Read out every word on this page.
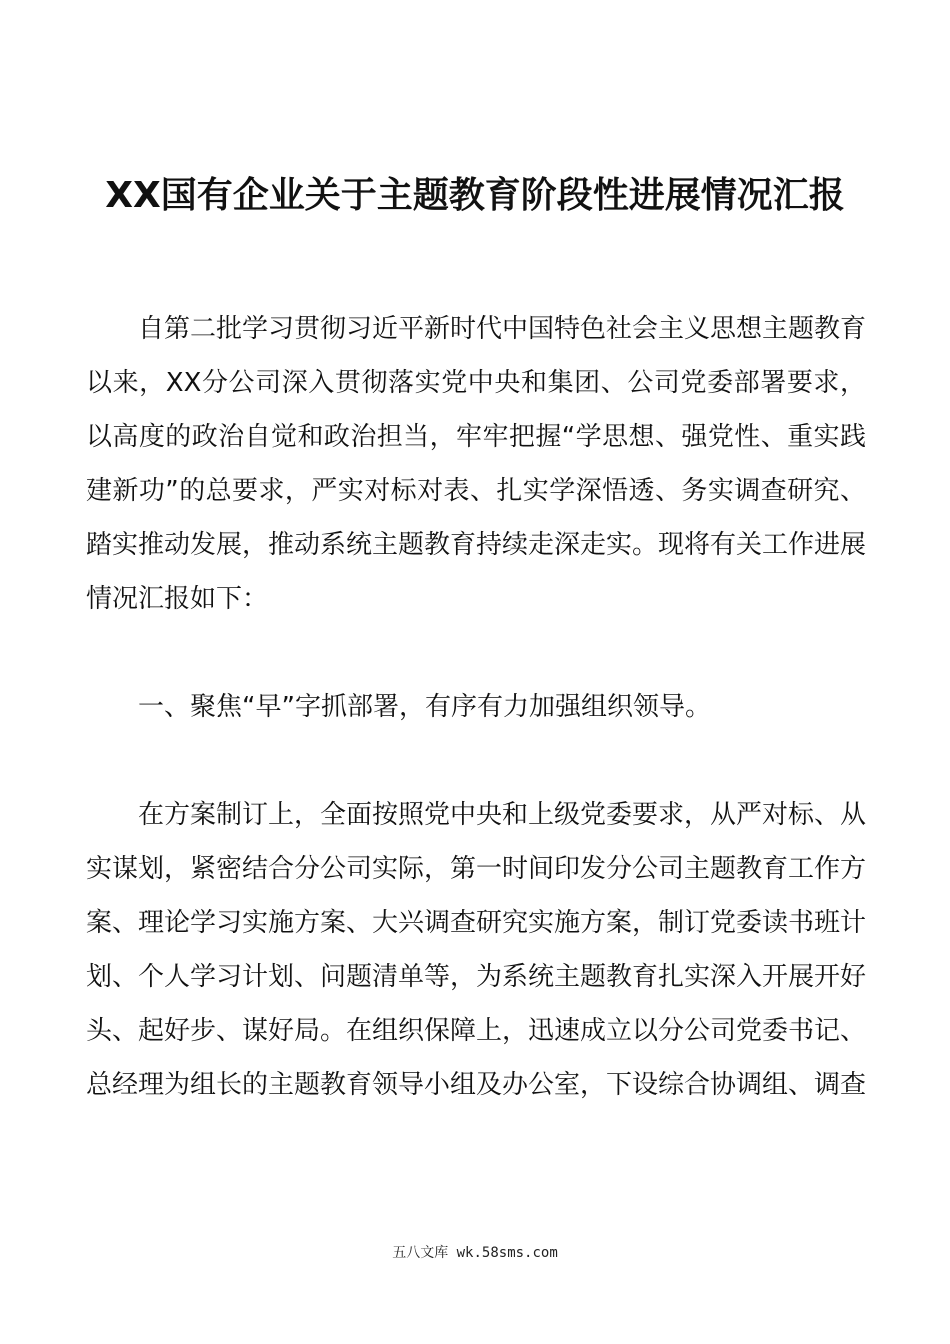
XX国有企业关于主题教育阶段性进展情况汇报

自第二批学习贯彻习近平新时代中国特色社会主义思想主题教育以来，XX分公司深入贯彻落实党中央和集团、公司党委部署要求，以高度的政治自觉和政治担当，牢牢把握“学思想、强党性、重实践建新功”的总要求，严实对标对表、扎实学深悟透、务实调查研究、踏实推动发展，推动系统主题教育持续走深走实。现将有关工作进展情况汇报如下：

一、聚焦“早”字抓部署，有序有力加强组织领导。

在方案制订上，全面按照党中央和上级党委要求，从严对标、从实谋划，紧密结合分公司实际，第一时间印发分公司主题教育工作方案、理论学习实施方案、大兴调查研究实施方案，制订党委读书班计划、个人学习计划、问题清单等，为系统主题教育扎实深入开展开好头、起好步、谋好局。在组织保障上，迅速成立以分公司党委书记、总经理为组长的主题教育领导小组及办公室，下设综合协调组、调查

五八文库 wk.58sms.com
